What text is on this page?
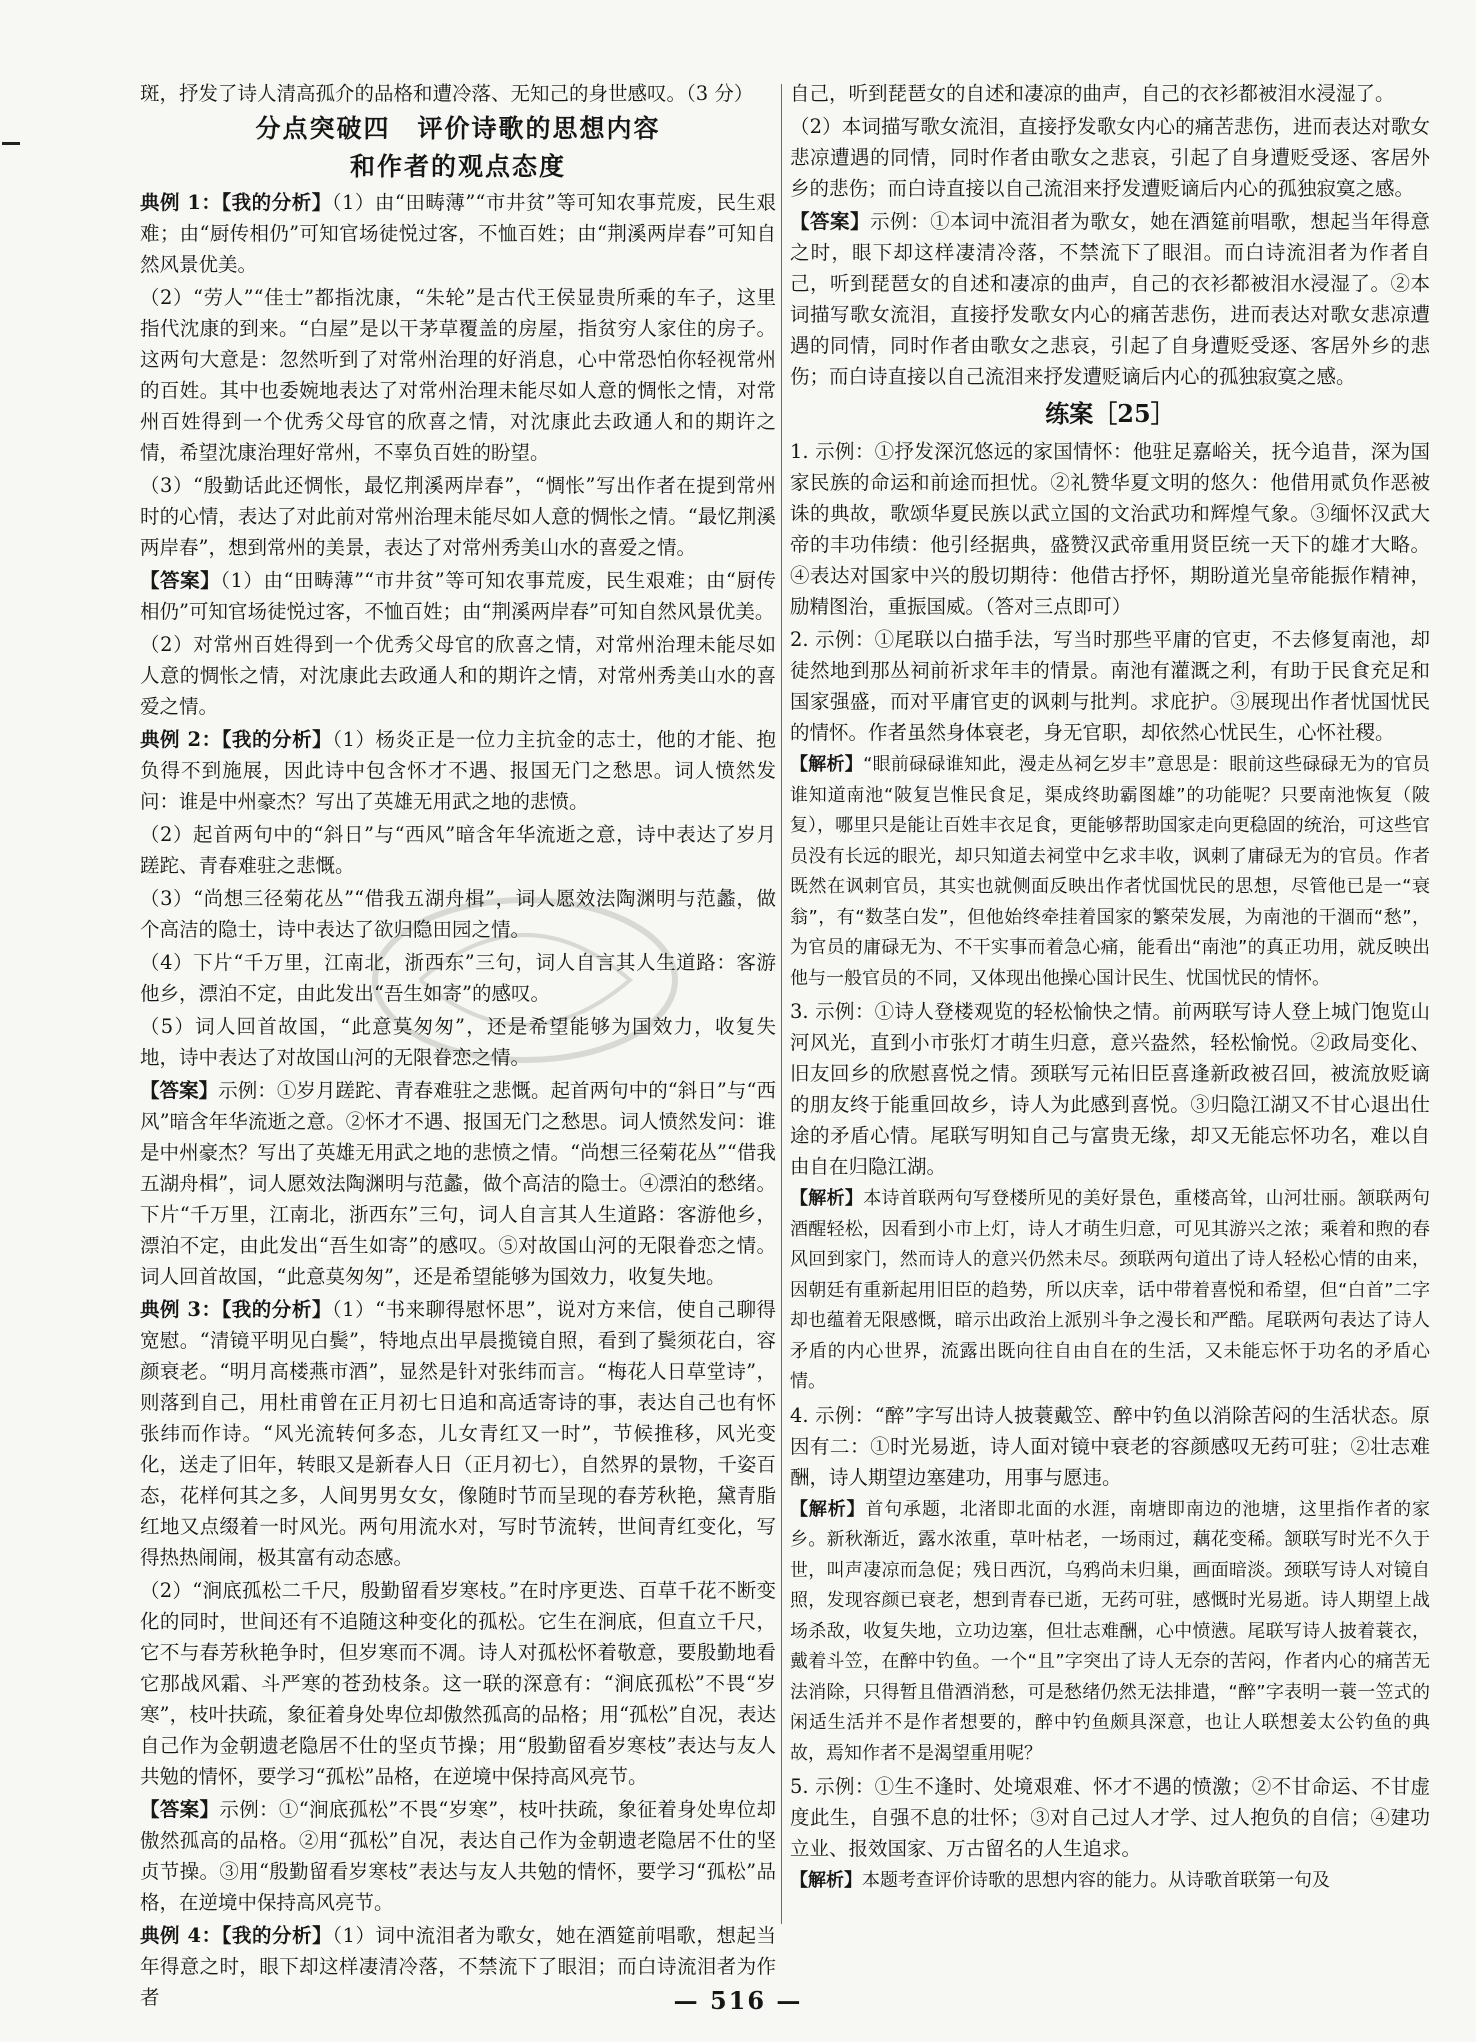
斑，抒发了诗人清高孤介的品格和遭冷落、无知己的身世感叹。（3 分）

分点突破四　评价诗歌的思想内容
和作者的观点态度

典例 1：【我的分析】（1）由“田畴薄”“市井贫”等可知农事荒废，民生艰难；由“厨传相仍”可知官场徒悦过客，不恤百姓；由“荆溪两岸春”可知自然风景优美。

（2）“劳人”“佳士”都指沈康，“朱轮”是古代王侯显贵所乘的车子，这里指代沈康的到来。“白屋”是以干茅草覆盖的房屋，指贫穷人家住的房子。这两句大意是：忽然听到了对常州治理的好消息，心中常恐怕你轻视常州的百姓。其中也委婉地表达了对常州治理未能尽如人意的惆怅之情，对常州百姓得到一个优秀父母官的欣喜之情，对沈康此去政通人和的期许之情，希望沈康治理好常州，不辜负百姓的盼望。

（3）“殷勤话此还惆怅，最忆荆溪两岸春”，“惆怅”写出作者在提到常州时的心情，表达了对此前对常州治理未能尽如人意的惆怅之情。“最忆荆溪两岸春”，想到常州的美景，表达了对常州秀美山水的喜爱之情。

【答案】（1）由“田畴薄”“市井贫”等可知农事荒废，民生艰难；由“厨传相仍”可知官场徒悦过客，不恤百姓；由“荆溪两岸春”可知自然风景优美。

（2）对常州百姓得到一个优秀父母官的欣喜之情，对常州治理未能尽如人意的惆怅之情，对沈康此去政通人和的期许之情，对常州秀美山水的喜爱之情。

典例 2：【我的分析】（1）杨炎正是一位力主抗金的志士，他的才能、抱负得不到施展，因此诗中包含怀才不遇、报国无门之愁思。词人愤然发问：谁是中州豪杰？写出了英雄无用武之地的悲愤。

（2）起首两句中的“斜日”与“西风”暗含年华流逝之意，诗中表达了岁月蹉跎、青春难驻之悲慨。

（3）“尚想三径菊花丛”“借我五湖舟楫”，词人愿效法陶渊明与范蠡，做个高洁的隐士，诗中表达了欲归隐田园之情。

（4）下片“千万里，江南北，浙西东”三句，词人自言其人生道路：客游他乡，漂泊不定，由此发出“吾生如寄”的感叹。

（5）词人回首故国，“此意莫匆匆”，还是希望能够为国效力，收复失地，诗中表达了对故国山河的无限眷恋之情。

【答案】示例：①岁月蹉跎、青春难驻之悲慨。起首两句中的“斜日”与“西风”暗含年华流逝之意。②怀才不遇、报国无门之愁思。词人愤然发问：谁是中州豪杰？写出了英雄无用武之地的悲愤之情。“尚想三径菊花丛”“借我五湖舟楫”，词人愿效法陶渊明与范蠡，做个高洁的隐士。④漂泊的愁绪。下片“千万里，江南北，浙西东”三句，词人自言其人生道路：客游他乡，漂泊不定，由此发出“吾生如寄”的感叹。⑤对故国山河的无限眷恋之情。词人回首故国，“此意莫匆匆”，还是希望能够为国效力，收复失地。

典例 3：【我的分析】（1）“书来聊得慰怀思”，说对方来信，使自己聊得宽慰。“清镜平明见白鬓”，特地点出早晨揽镜自照，看到了鬓须花白，容颜衰老。“明月高楼燕市酒”，显然是针对张纬而言。“梅花人日草堂诗”，则落到自己，用杜甫曾在正月初七日追和高适寄诗的事，表达自己也有怀张纬而作诗。“风光流转何多态，儿女青红又一时”，节候推移，风光变化，送走了旧年，转眼又是新春人日（正月初七），自然界的景物，千姿百态，花样何其之多，人间男男女女，像随时节而呈现的春芳秋艳，黛青脂红地又点缀着一时风光。两句用流水对，写时节流转，世间青红变化，写得热热闹闹，极其富有动态感。

（2）“涧底孤松二千尺，殷勤留看岁寒枝。”在时序更迭、百草千花不断变化的同时，世间还有不追随这种变化的孤松。它生在涧底，但直立千尺，它不与春芳秋艳争时，但岁寒而不凋。诗人对孤松怀着敬意，要殷勤地看它那战风霜、斗严寒的苍劲枝条。这一联的深意有：“涧底孤松”不畏“岁寒”，枝叶扶疏，象征着身处卑位却傲然孤高的品格；用“孤松”自况，表达自己作为金朝遗老隐居不仕的坚贞节操；用“殷勤留看岁寒枝”表达与友人共勉的情怀，要学习“孤松”品格，在逆境中保持高风亮节。

【答案】示例：①“涧底孤松”不畏“岁寒”，枝叶扶疏，象征着身处卑位却傲然孤高的品格。②用“孤松”自况，表达自己作为金朝遗老隐居不仕的坚贞节操。③用“殷勤留看岁寒枝”表达与友人共勉的情怀，要学习“孤松”品格，在逆境中保持高风亮节。

典例 4：【我的分析】（1）词中流泪者为歌女，她在酒筵前唱歌，想起当年得意之时，眼下却这样凄清冷落，不禁流下了眼泪；而白诗流泪者为作者

自己，听到琵琶女的自述和凄凉的曲声，自己的衣衫都被泪水浸湿了。

（2）本词描写歌女流泪，直接抒发歌女内心的痛苦悲伤，进而表达对歌女悲凉遭遇的同情，同时作者由歌女之悲哀，引起了自身遭贬受逐、客居外乡的悲伤；而白诗直接以自己流泪来抒发遭贬谪后内心的孤独寂寞之感。

【答案】示例：①本词中流泪者为歌女，她在酒筵前唱歌，想起当年得意之时，眼下却这样凄清冷落，不禁流下了眼泪。而白诗流泪者为作者自己，听到琵琶女的自述和凄凉的曲声，自己的衣衫都被泪水浸湿了。②本词描写歌女流泪，直接抒发歌女内心的痛苦悲伤，进而表达对歌女悲凉遭遇的同情，同时作者由歌女之悲哀，引起了自身遭贬受逐、客居外乡的悲伤；而白诗直接以自己流泪来抒发遭贬谪后内心的孤独寂寞之感。

练案［25］

1. 示例：①抒发深沉悠远的家国情怀：他驻足嘉峪关，抚今追昔，深为国家民族的命运和前途而担忧。②礼赞华夏文明的悠久：他借用贰负作恶被诛的典故，歌颂华夏民族以武立国的文治武功和辉煌气象。③缅怀汉武大帝的丰功伟绩：他引经据典，盛赞汉武帝重用贤臣统一天下的雄才大略。④表达对国家中兴的殷切期待：他借古抒怀，期盼道光皇帝能振作精神，励精图治，重振国威。（答对三点即可）

2. 示例：①尾联以白描手法，写当时那些平庸的官吏，不去修复南池，却徒然地到那丛祠前祈求年丰的情景。南池有灌溉之利，有助于民食充足和国家强盛，而对平庸官吏的讽刺与批判。求庇护。③展现出作者忧国忧民的情怀。作者虽然身体衰老，身无官职，却依然心忧民生，心怀社稷。

【解析】“眼前碌碌谁知此，漫走丛祠乞岁丰”意思是：眼前这些碌碌无为的官员谁知道南池“陂复岂惟民食足，渠成终助霸图雄”的功能呢？只要南池恢复（陂复），哪里只是能让百姓丰衣足食，更能够帮助国家走向更稳固的统治，可这些官员没有长远的眼光，却只知道去祠堂中乞求丰收，讽刺了庸碌无为的官员。作者既然在讽刺官员，其实也就侧面反映出作者忧国忧民的思想，尽管他已是一“衰翁”，有“数茎白发”，但他始终牵挂着国家的繁荣发展，为南池的干涸而“愁”，为官员的庸碌无为、不干实事而着急心痛，能看出“南池”的真正功用，就反映出他与一般官员的不同，又体现出他操心国计民生、忧国忧民的情怀。

3. 示例：①诗人登楼观览的轻松愉快之情。前两联写诗人登上城门饱览山河风光，直到小市张灯才萌生归意，意兴盎然，轻松愉悦。②政局变化、旧友回乡的欣慰喜悦之情。颈联写元祐旧臣喜逢新政被召回，被流放贬谪的朋友终于能重回故乡，诗人为此感到喜悦。③归隐江湖又不甘心退出仕途的矛盾心情。尾联写明知自己与富贵无缘，却又无能忘怀功名，难以自由自在归隐江湖。

【解析】本诗首联两句写登楼所见的美好景色，重楼高耸，山河壮丽。颔联两句酒醒轻松，因看到小市上灯，诗人才萌生归意，可见其游兴之浓；乘着和煦的春风回到家门，然而诗人的意兴仍然未尽。颈联两句道出了诗人轻松心情的由来，因朝廷有重新起用旧臣的趋势，所以庆幸，话中带着喜悦和希望，但“白首”二字却也蕴着无限感慨，暗示出政治上派别斗争之漫长和严酷。尾联两句表达了诗人矛盾的内心世界，流露出既向往自由自在的生活，又未能忘怀于功名的矛盾心情。

4. 示例：“醉”字写出诗人披蓑戴笠、醉中钓鱼以消除苦闷的生活状态。原因有二：①时光易逝，诗人面对镜中衰老的容颜感叹无药可驻；②壮志难酬，诗人期望边塞建功，用事与愿违。

【解析】首句承题，北渚即北面的水涯，南塘即南边的池塘，这里指作者的家乡。新秋渐近，露水浓重，草叶枯老，一场雨过，藕花变稀。颔联写时光不久于世，叫声凄凉而急促；残日西沉，乌鸦尚未归巢，画面暗淡。颈联写诗人对镜自照，发现容颜已衰老，想到青春已逝，无药可驻，感慨时光易逝。诗人期望上战场杀敌，收复失地，立功边塞，但壮志难酬，心中愤懑。尾联写诗人披着蓑衣，戴着斗笠，在醉中钓鱼。一个“且”字突出了诗人无奈的苦闷，作者内心的痛苦无法消除，只得暂且借酒消愁，可是愁绪仍然无法排遣，“醉”字表明一蓑一笠式的闲适生活并不是作者想要的，醉中钓鱼颇具深意，也让人联想姜太公钓鱼的典故，焉知作者不是渴望重用呢？

5. 示例：①生不逢时、处境艰难、怀才不遇的愤激；②不甘命运、不甘虚度此生，自强不息的壮怀；③对自己过人才学、过人抱负的自信；④建功立业、报效国家、万古留名的人生追求。

【解析】本题考查评价诗歌的思想内容的能力。从诗歌首联第一句及

— 516 —
